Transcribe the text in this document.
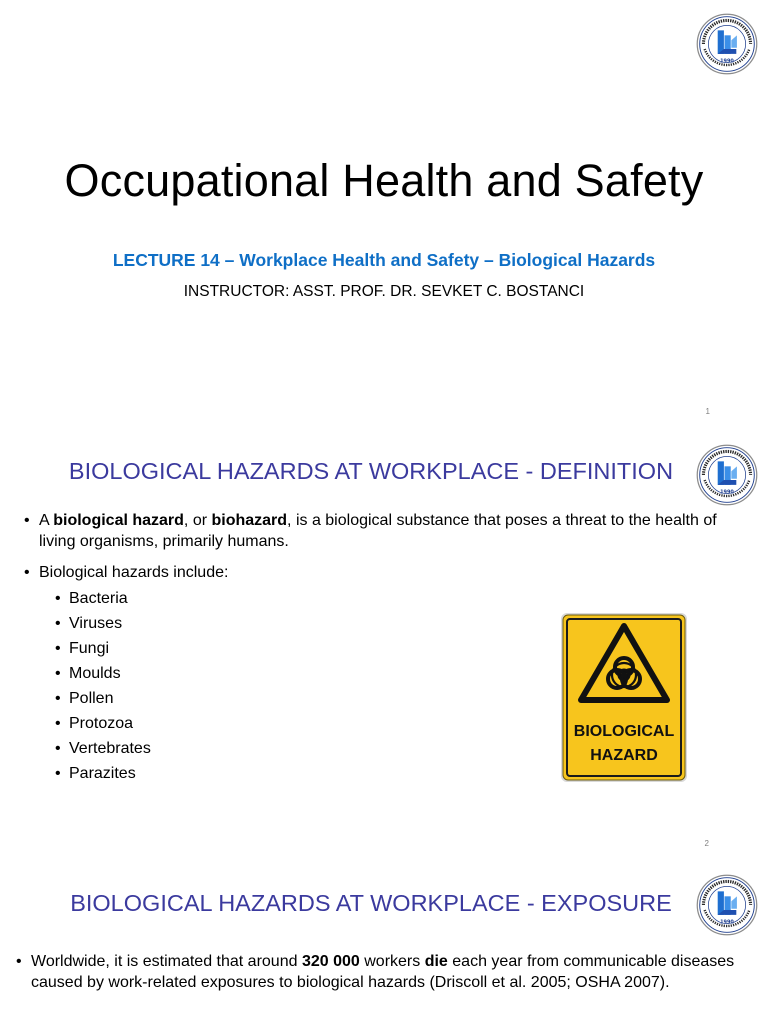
Occupational Health and Safety
LECTURE 14 – Workplace Health and Safety – Biological Hazards
INSTRUCTOR: ASST. PROF. DR. SEVKET C. BOSTANCI
1
BIOLOGICAL HAZARDS AT WORKPLACE - DEFINITION
• A biological hazard, or biohazard, is a biological substance that poses a threat to the health of living organisms, primarily humans.
• Biological hazards include:
• Bacteria
• Viruses
• Fungi
• Moulds
• Pollen
• Protozoa
• Vertebrates
• Parazites
BIOLOGICAL
HAZARD
2
BIOLOGICAL HAZARDS AT WORKPLACE - EXPOSURE
• Worldwide, it is estimated that around 320 000 workers die each year from communicable diseases caused by work-related exposures to biological hazards (Driscoll et al. 2005; OSHA 2007).
